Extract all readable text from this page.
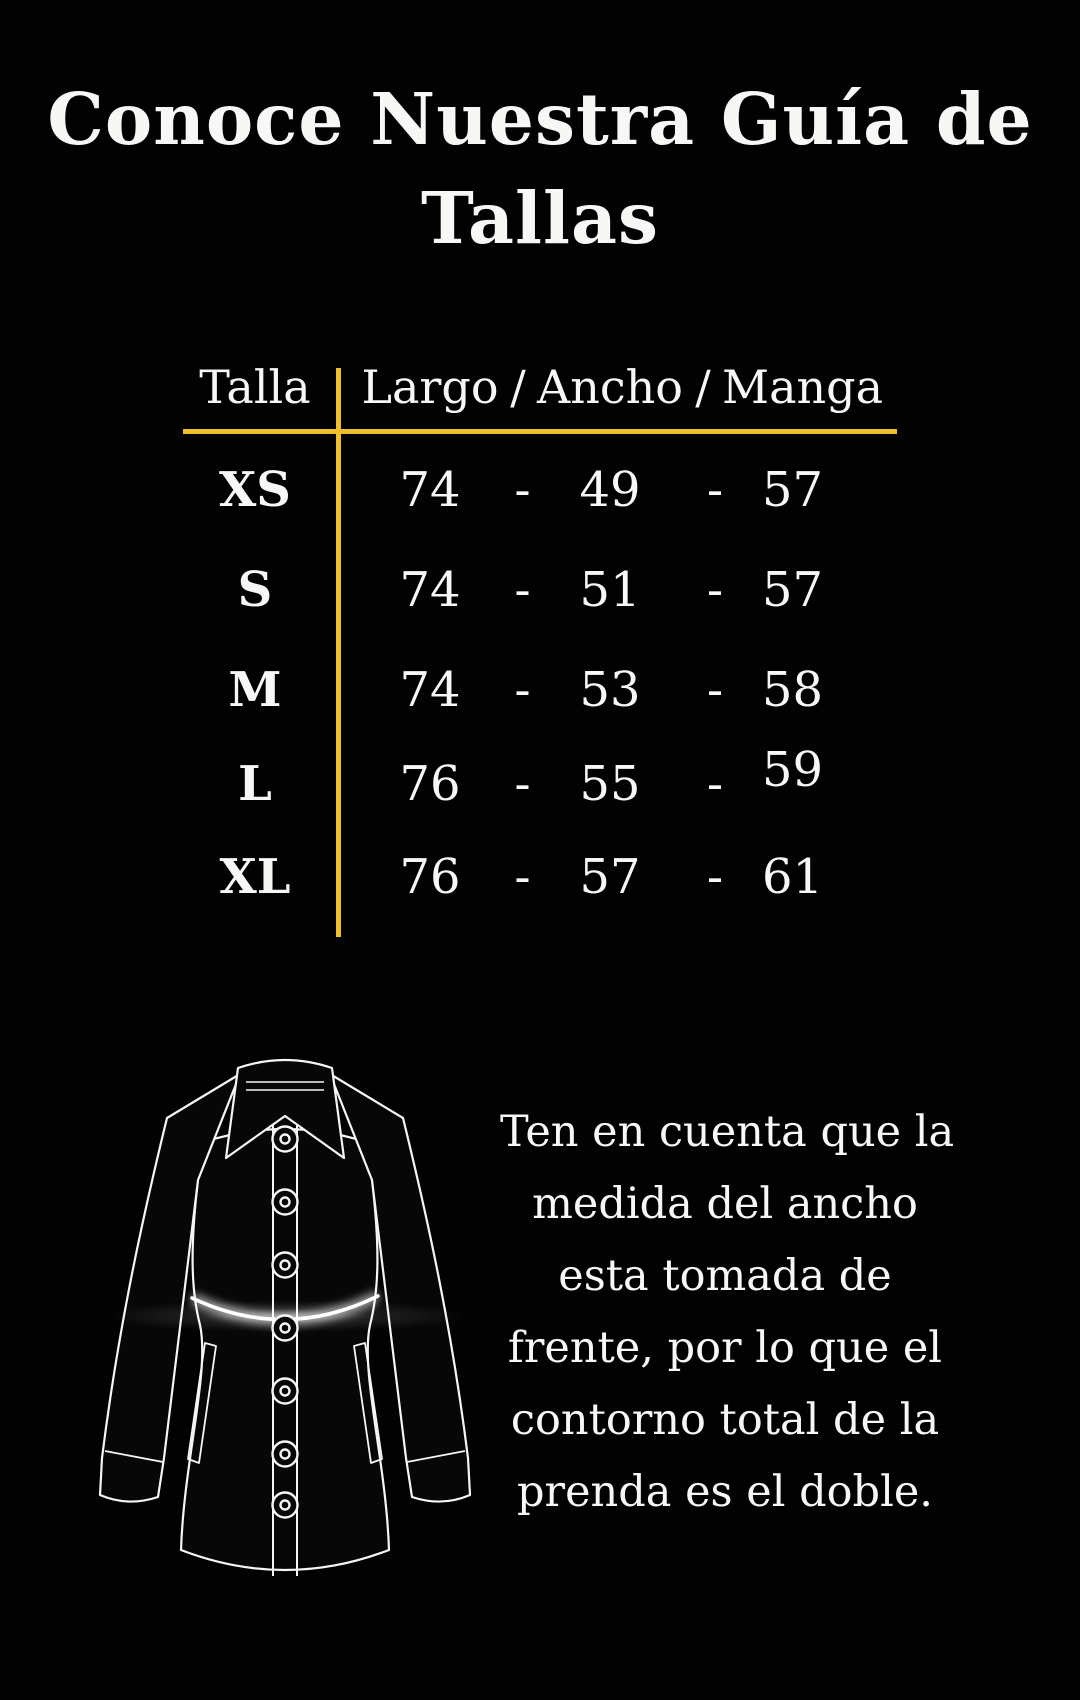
Conoce Nuestra Guía de
Tallas
Talla	Largo / Ancho / Manga
XS	74	-	49	- 57
S	74	-	51	- 57
M	74	-	53	- 58
L	76	-	55	- 59
XL	76	-	57	- 61
Ten en cuenta que la
medida del ancho
esta tomada de
frente, por lo que el
contorno total de la
prenda es el doble.
